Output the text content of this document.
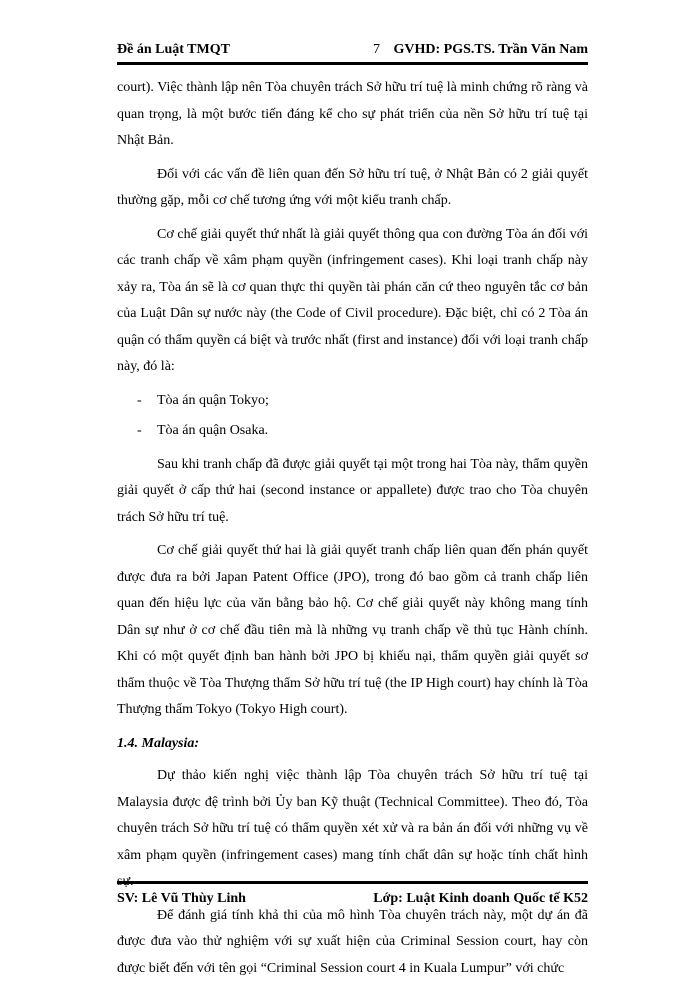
Đề án Luật TMQT	7 GVHD: PGS.TS. Trần Văn Nam

court). Việc thành lập nên Tòa chuyên trách Sở hữu trí tuệ là minh chứng rõ ràng và quan trọng, là một bước tiến đáng kể cho sự phát triển của nền Sở hữu trí tuệ tại Nhật Bản.

Đối với các vấn đề liên quan đến Sở hữu trí tuệ, ở Nhật Bản có 2 giải quyết thường gặp, mỗi cơ chế tương ứng với một kiểu tranh chấp.

Cơ chế giải quyết thứ nhất là giải quyết thông qua con đường Tòa án đối với các tranh chấp về xâm phạm quyền (infringement cases). Khi loại tranh chấp này xảy ra, Tòa án sẽ là cơ quan thực thi quyền tài phán căn cứ theo nguyên tắc cơ bản của Luật Dân sự nước này (the Code of Civil procedure). Đặc biệt, chỉ có 2 Tòa án quận có thẩm quyền cá biệt và trước nhất (first and instance) đối với loại tranh chấp này, đó là:

- Tòa án quận Tokyo;
- Tòa án quận Osaka.

Sau khi tranh chấp đã được giải quyết tại một trong hai Tòa này, thẩm quyền giải quyết ở cấp thứ hai (second instance or appallete) được trao cho Tòa chuyên trách Sở hữu trí tuệ.

Cơ chế giải quyết thứ hai là giải quyết tranh chấp liên quan đến phán quyết được đưa ra bởi Japan Patent Office (JPO), trong đó bao gồm cả tranh chấp liên quan đến hiệu lực của văn bằng bảo hộ. Cơ chế giải quyết này không mang tính Dân sự như ở cơ chế đầu tiên mà là những vụ tranh chấp về thủ tục Hành chính. Khi có một quyết định ban hành bởi JPO bị khiếu nại, thẩm quyền giải quyết sơ thẩm thuộc về Tòa Thượng thẩm Sở hữu trí tuệ (the IP High court) hay chính là Tòa Thượng thẩm Tokyo (Tokyo High court).

1.4. Malaysia:

Dự thảo kiến nghị việc thành lập Tòa chuyên trách Sở hữu trí tuệ tại Malaysia được đệ trình bởi Ủy ban Kỹ thuật (Technical Committee). Theo đó, Tòa chuyên trách Sở hữu trí tuệ có thẩm quyền xét xử và ra bản án đối với những vụ về xâm phạm quyền (infringement cases) mang tính chất dân sự hoặc tính chất hình sự.

Để đánh giá tính khả thi của mô hình Tòa chuyên trách này, một dự án đã được đưa vào thử nghiệm với sự xuất hiện của Criminal Session court, hay còn được biết đến với tên gọi “Criminal Session court 4 in Kuala Lumpur” với chức

SV: Lê Vũ Thùy Linh	Lớp: Luật Kinh doanh Quốc tế K52
